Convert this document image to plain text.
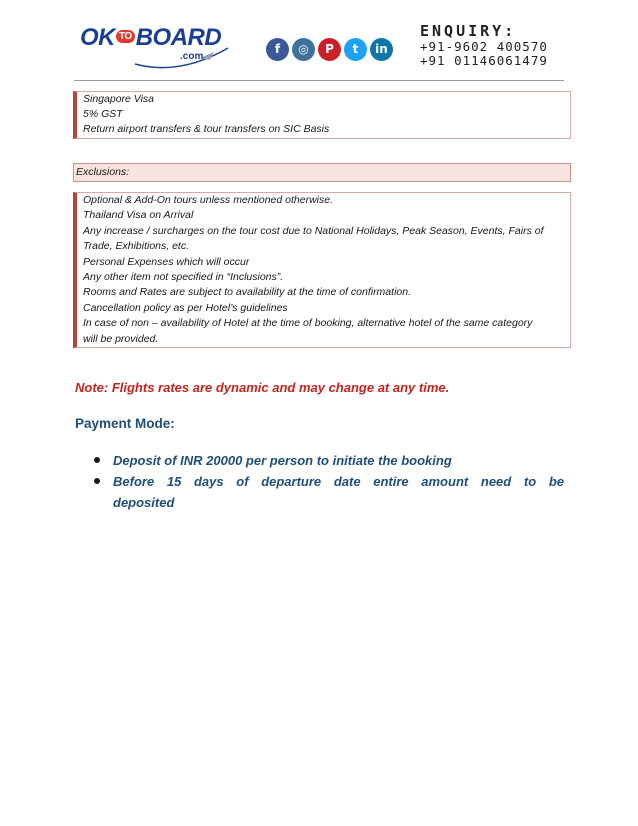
OK TO BOARD
.com
f ◎ P t in
ENQUIRY:
+91-9602 400570
+91 01146061479
Singapore Visa
5% GST
Return airport transfers & tour transfers on SIC Basis
Exclusions:
Optional & Add-On tours unless mentioned otherwise.
Thailand Visa on Arrival
Any increase / surcharges on the tour cost due to National Holidays, Peak Season, Events, Fairs of
Trade, Exhibitions, etc.
Personal Expenses which will occur
Any other item not specified in “Inclusions”.
Rooms and Rates are subject to availability at the time of confirmation.
Cancellation policy as per Hotel’s guidelines
In case of non – availability of Hotel at the time of booking, alternative hotel of the same category
will be provided.
Note: Flights rates are dynamic and may change at any time.
Payment Mode:
Deposit of INR 20000 per person to initiate the booking
Before 15 days of departure date entire amount need to be
deposited
